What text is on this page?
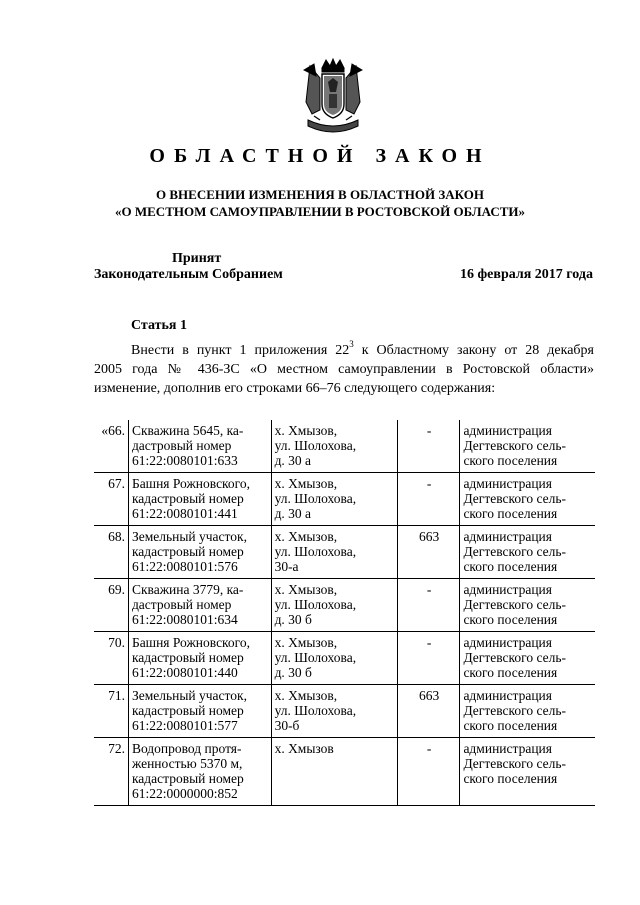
ОБЛАСТНОЙ ЗАКОН
О ВНЕСЕНИИ ИЗМЕНЕНИЯ В ОБЛАСТНОЙ ЗАКОН
«О МЕСТНОМ САМОУПРАВЛЕНИИ В РОСТОВСКОЙ ОБЛАСТИ»
Принят
Законодательным Собранием	16 февраля 2017 года
Статья 1
Внести в пункт 1 приложения $22^3$ к Областному закону от 28 декабря
2005 года № 436-ЗС «О местном самоуправлении в Ростовской области»
изменение, дополнив его строками 66–76 следующего содержания:
«66.	Скважина 5645, ка-
дастровый номер
61:22:0080101:633	х. Хмызов,
ул. Шолохова,
д. 30 а	-	администрация
Дегтевского сель-
ского поселения
67.	Башня Рожновского,
кадастровый номер
61:22:0080101:441	х. Хмызов,
ул. Шолохова,
д. 30 а	-	администрация
Дегтевского сель-
ского поселения
68.	Земельный участок,
кадастровый номер
61:22:0080101:576	х. Хмызов,
ул. Шолохова,
30-а	663	администрация
Дегтевского сель-
ского поселения
69.	Скважина 3779, ка-
дастровый номер
61:22:0080101:634	х. Хмызов,
ул. Шолохова,
д. 30 б	-	администрация
Дегтевского сель-
ского поселения
70.	Башня Рожновского,
кадастровый номер
61:22:0080101:440	х. Хмызов,
ул. Шолохова,
д. 30 б	-	администрация
Дегтевского сель-
ского поселения
71.	Земельный участок,
кадастровый номер
61:22:0080101:577	х. Хмызов,
ул. Шолохова,
30-б	663	администрация
Дегтевского сель-
ского поселения
72.	Водопровод протя-
женностью 5370 м,
кадастровый номер
61:22:0000000:852	х. Хмызов	-	администрация
Дегтевского сель-
ского поселения
